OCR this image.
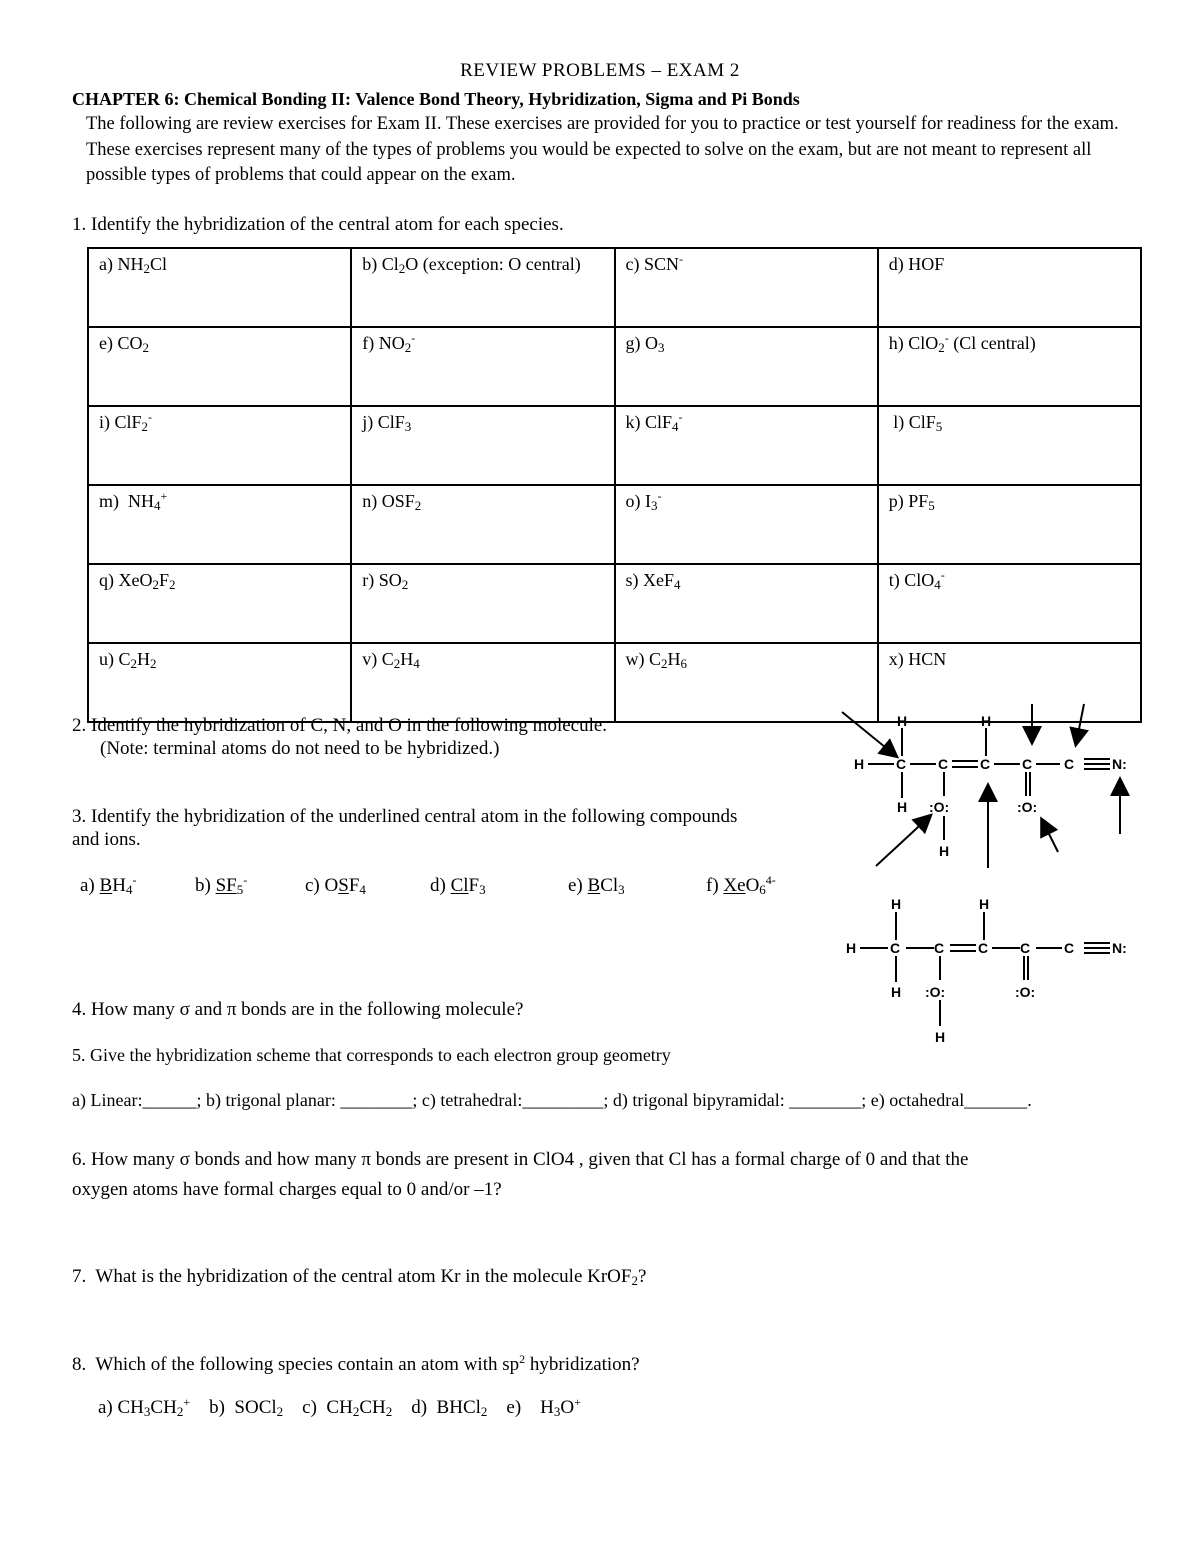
REVIEW PROBLEMS – EXAM 2
CHAPTER 6: Chemical Bonding II: Valence Bond Theory, Hybridization, Sigma and Pi Bonds
The following are review exercises for Exam II. These exercises are provided for you to practice or test yourself for readiness for the exam. These exercises represent many of the types of problems you would be expected to solve on the exam, but are not meant to represent all possible types of problems that could appear on the exam.
1. Identify the hybridization of the central atom for each species.
a) $NH_2Cl$	b) $Cl_2O$ (exception: O central)	c) SCN-	d) HOF
e) $CO_2$	f) $NO_2^-$	g) $O_3$	h) ClO$_2$- (Cl central)
i) ClF$_2$-	j) ClF$_3$	k) ClF$_4$-	l) ClF$_5$
m)  $NH_4^+$	n) $OSF_2$	o) $I_3^-$	p) $PF_5$
q) $XeO_2F_2$	r) $SO_2$	s) XeF$_4$	t) ClO$_4$-
u) $C_2H_2$	v) $C_2H_4$	w) $C_2H_6$	x) HCN
2. Identify the hybridization of C, N, and O in the following molecule.
(Note: terminal atoms do not need to be hybridized.)
3. Identify the hybridization of the underlined central atom in the following compounds
and ions.
a) $BH_4^-$	b) $SF_5^-$	c) $OSF_4$	d) ClF$_3$	e) BCl$_3$	f) XeO$_6^{4-}$
4. How many σ and π bonds are in the following molecule?
5. Give the hybridization scheme that corresponds to each electron group geometry
a) Linear:______; b) trigonal planar: ________; c) tetrahedral:_________; d) trigonal bipyramidal: ________; e) octahedral_______.
6. How many σ bonds and how many π bonds are present in ClO4 , given that Cl has a formal charge of 0 and that the
oxygen atoms have formal charges equal to 0 and/or –1?
7.  What is the hybridization of the central atom Kr in the molecule KrOF$_2$?
8.  Which of the following species contain an atom with $sp^2$ hybridization?
a) $CH_3CH_2^+$    b)  SOCl$_2$    c)  $CH_2CH_2$    d)  BHCl$_2$    e)    $H_3O^+$
H C C C C C	N:
H	H
H :O:	:O:
H
H C C C C C	N:
H	H
H :O:	:O:
H
